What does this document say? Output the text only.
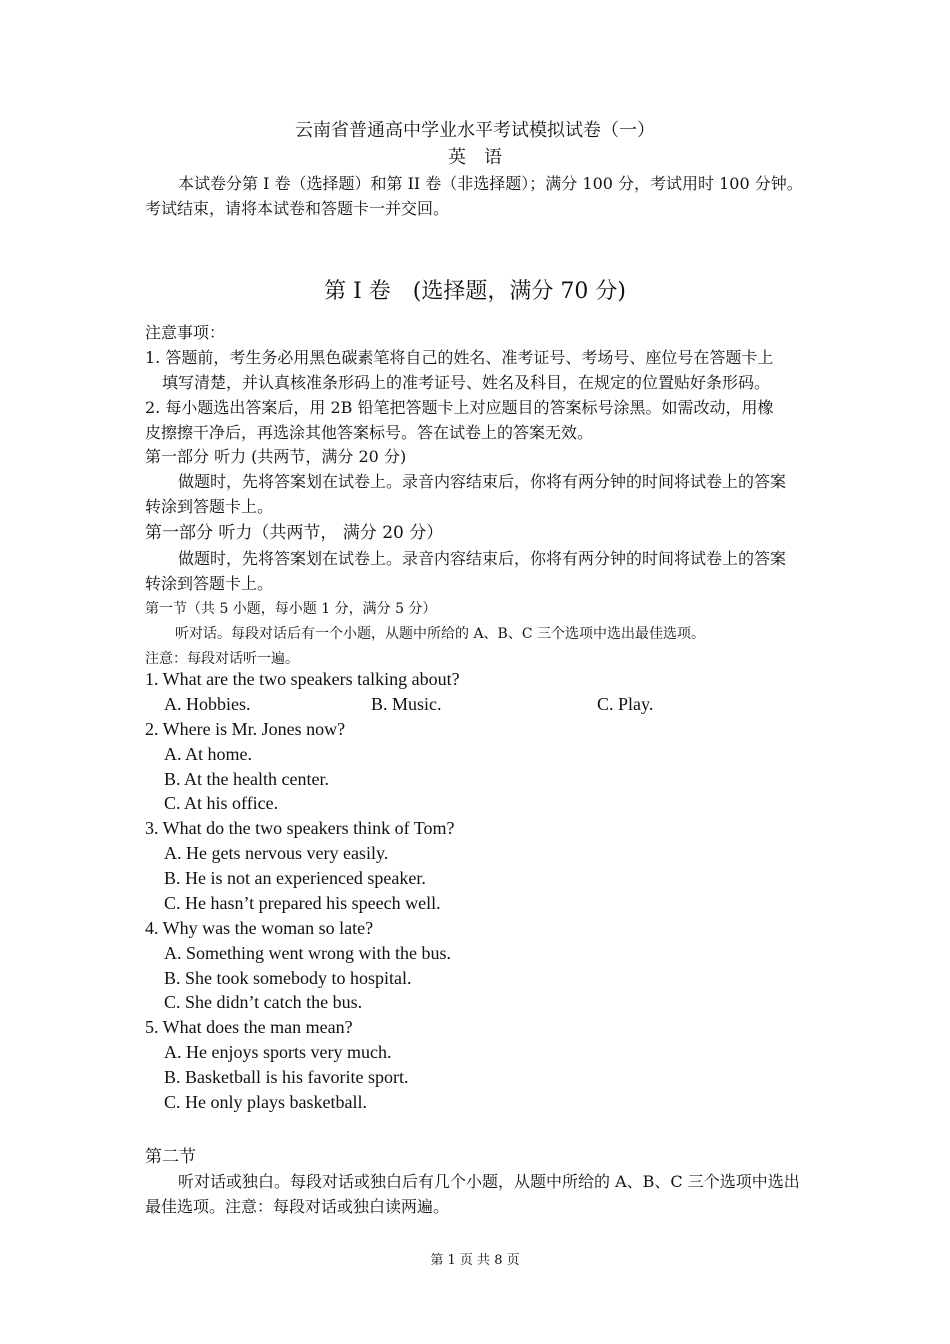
云南省普通高中学业水平考试模拟试卷（一）
英　语
本试卷分第 I 卷（选择题）和第 II 卷（非选择题）；满分 100 分，考试用时 100 分钟。
考试结束，请将本试卷和答题卡一并交回。
第 I 卷　(选择题，满分 70 分)
注意事项：
1. 答题前，考生务必用黑色碳素笔将自己的姓名、准考证号、考场号、座位号在答题卡上
填写清楚，并认真核准条形码上的准考证号、姓名及科目，在规定的位置贴好条形码。
2. 每小题选出答案后，用 2B 铅笔把答题卡上对应题目的答案标号涂黑。如需改动，用橡
皮擦擦干净后，再选涂其他答案标号。答在试卷上的答案无效。
第一部分 听力 (共两节，满分 20 分)
做题时，先将答案划在试卷上。录音内容结束后，你将有两分钟的时间将试卷上的答案
转涂到答题卡上。
第一部分 听力（共两节， 满分 20 分）
做题时，先将答案划在试卷上。录音内容结束后，你将有两分钟的时间将试卷上的答案
转涂到答题卡上。
第一节（共 5 小题，每小题 1 分，满分 5 分）
听对话。每段对话后有一个小题，从题中所给的 A、B、C 三个选项中选出最佳选项。
注意：每段对话听一遍。
1. What are the two speakers talking about?
A. Hobbies.	B. Music.	C. Play.
2. Where is Mr. Jones now?
A. At home.
B. At the health center.
C. At his office.
3. What do the two speakers think of Tom?
A. He gets nervous very easily.
B. He is not an experienced speaker.
C. He hasn’t prepared his speech well.
4. Why was the woman so late?
A. Something went wrong with the bus.
B. She took somebody to hospital.
C. She didn’t catch the bus.
5. What does the man mean?
A. He enjoys sports very much.
B. Basketball is his favorite sport.
C. He only plays basketball.
第二节
听对话或独白。每段对话或独白后有几个小题，从题中所给的 A、B、C 三个选项中选出
最佳选项。注意：每段对话或独白读两遍。
第 1 页 共 8 页
